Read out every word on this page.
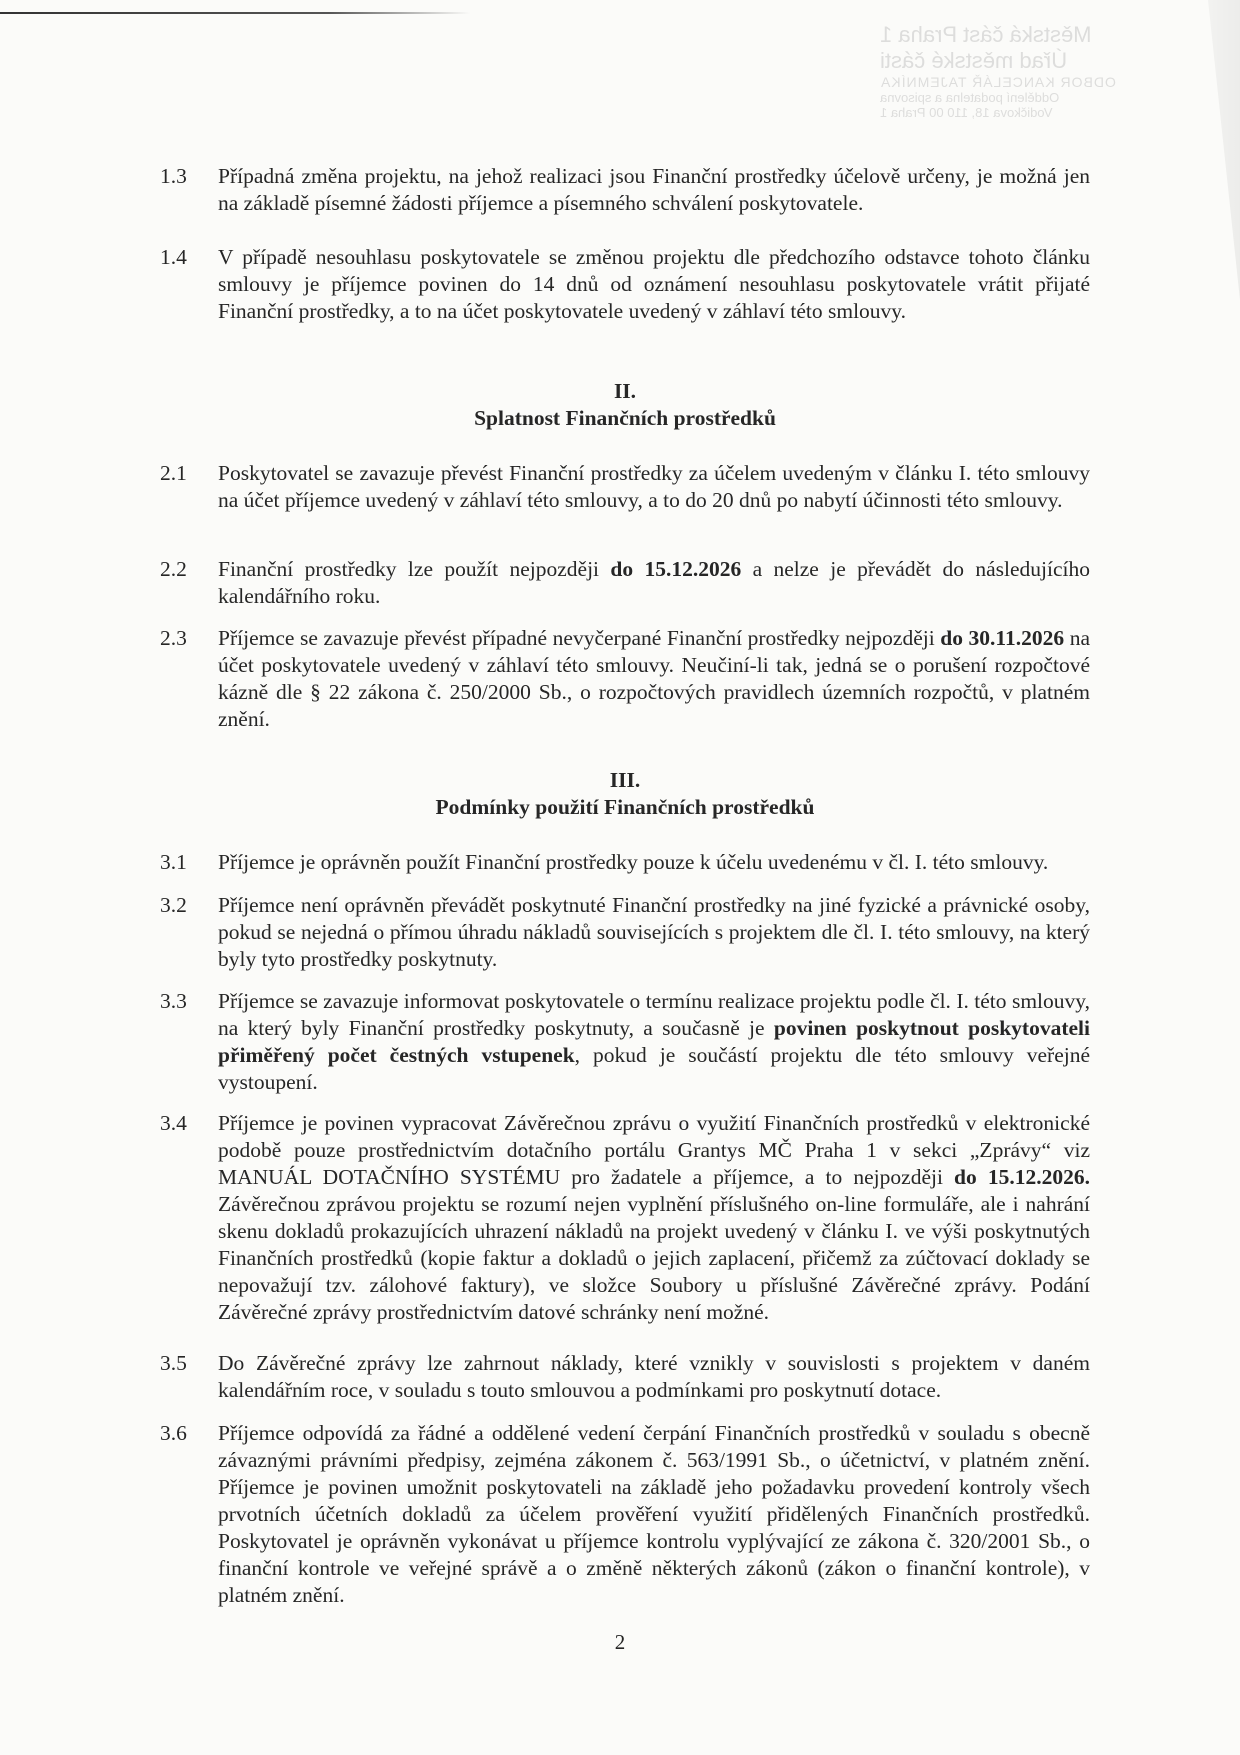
Městská část Praha 1
Úřad městské části
ODBOR KANCELÁŘ TAJEMNÍKA
Oddělení podatelna a spisovna
Vodičkova 18, 110 00 Praha 1
1.3	Případná změna projektu, na jehož realizaci jsou Finanční prostředky účelově určeny, je možná jen na základě písemné žádosti příjemce a písemného schválení poskytovatele.

1.4	V případě nesouhlasu poskytovatele se změnou projektu dle předchozího odstavce tohoto článku smlouvy je příjemce povinen do 14 dnů od oznámení nesouhlasu poskytovatele vrátit přijaté Finanční prostředky, a to na účet poskytovatele uvedený v záhlaví této smlouvy.

II.
Splatnost Finančních prostředků
2.1	Poskytovatel se zavazuje převést Finanční prostředky za účelem uvedeným v článku I. této smlouvy na účet příjemce uvedený v záhlaví této smlouvy, a to do 20 dnů po nabytí účinnosti této smlouvy.

2.2	Finanční prostředky lze použít nejpozději do 15.12.2026 a nelze je převádět do následujícího kalendářního roku.

2.3	Příjemce se zavazuje převést případné nevyčerpané Finanční prostředky nejpozději do 30.11.2026 na účet poskytovatele uvedený v záhlaví této smlouvy. Neučiní-li tak, jedná se o porušení rozpočtové kázně dle § 22 zákona č. 250/2000 Sb., o rozpočtových pravidlech územních rozpočtů, v platném znění.

III.
Podmínky použití Finančních prostředků
3.1	Příjemce je oprávněn použít Finanční prostředky pouze k účelu uvedenému v čl. I. této smlouvy.

3.2	Příjemce není oprávněn převádět poskytnuté Finanční prostředky na jiné fyzické a právnické osoby, pokud se nejedná o přímou úhradu nákladů souvisejících s projektem dle čl. I. této smlouvy, na který byly tyto prostředky poskytnuty.

3.3	Příjemce se zavazuje informovat poskytovatele o termínu realizace projektu podle čl. I. této smlouvy, na který byly Finanční prostředky poskytnuty, a současně je povinen poskytnout poskytovateli přiměřený počet čestných vstupenek, pokud je součástí projektu dle této smlouvy veřejné vystoupení.

3.4	Příjemce je povinen vypracovat Závěrečnou zprávu o využití Finančních prostředků v elektronické podobě pouze prostřednictvím dotačního portálu Grantys MČ Praha 1 v sekci „Zprávy“ viz MANUÁL DOTAČNÍHO SYSTÉMU pro žadatele a příjemce, a to nejpozději do 15.12.2026. Závěrečnou zprávou projektu se rozumí nejen vyplnění příslušného on-line formuláře, ale i nahrání skenu dokladů prokazujících uhrazení nákladů na projekt uvedený v článku I. ve výši poskytnutých Finančních prostředků (kopie faktur a dokladů o jejich zaplacení, přičemž za zúčtovací doklady se nepovažují tzv. zálohové faktury), ve složce Soubory u příslušné Závěrečné zprávy. Podání Závěrečné zprávy prostřednictvím datové schránky není možné.

3.5	Do Závěrečné zprávy lze zahrnout náklady, které vznikly v souvislosti s projektem v daném kalendářním roce, v souladu s touto smlouvou a podmínkami pro poskytnutí dotace.

3.6	Příjemce odpovídá za řádné a oddělené vedení čerpání Finančních prostředků v souladu s obecně závaznými právními předpisy, zejména zákonem č. 563/1991 Sb., o účetnictví, v platném znění. Příjemce je povinen umožnit poskytovateli na základě jeho požadavku provedení kontroly všech prvotních účetních dokladů za účelem prověření využití přidělených Finančních prostředků. Poskytovatel je oprávněn vykonávat u příjemce kontrolu vyplývající ze zákona č. 320/2001 Sb., o finanční kontrole ve veřejné správě a o změně některých zákonů (zákon o finanční kontrole), v platném znění.

2
